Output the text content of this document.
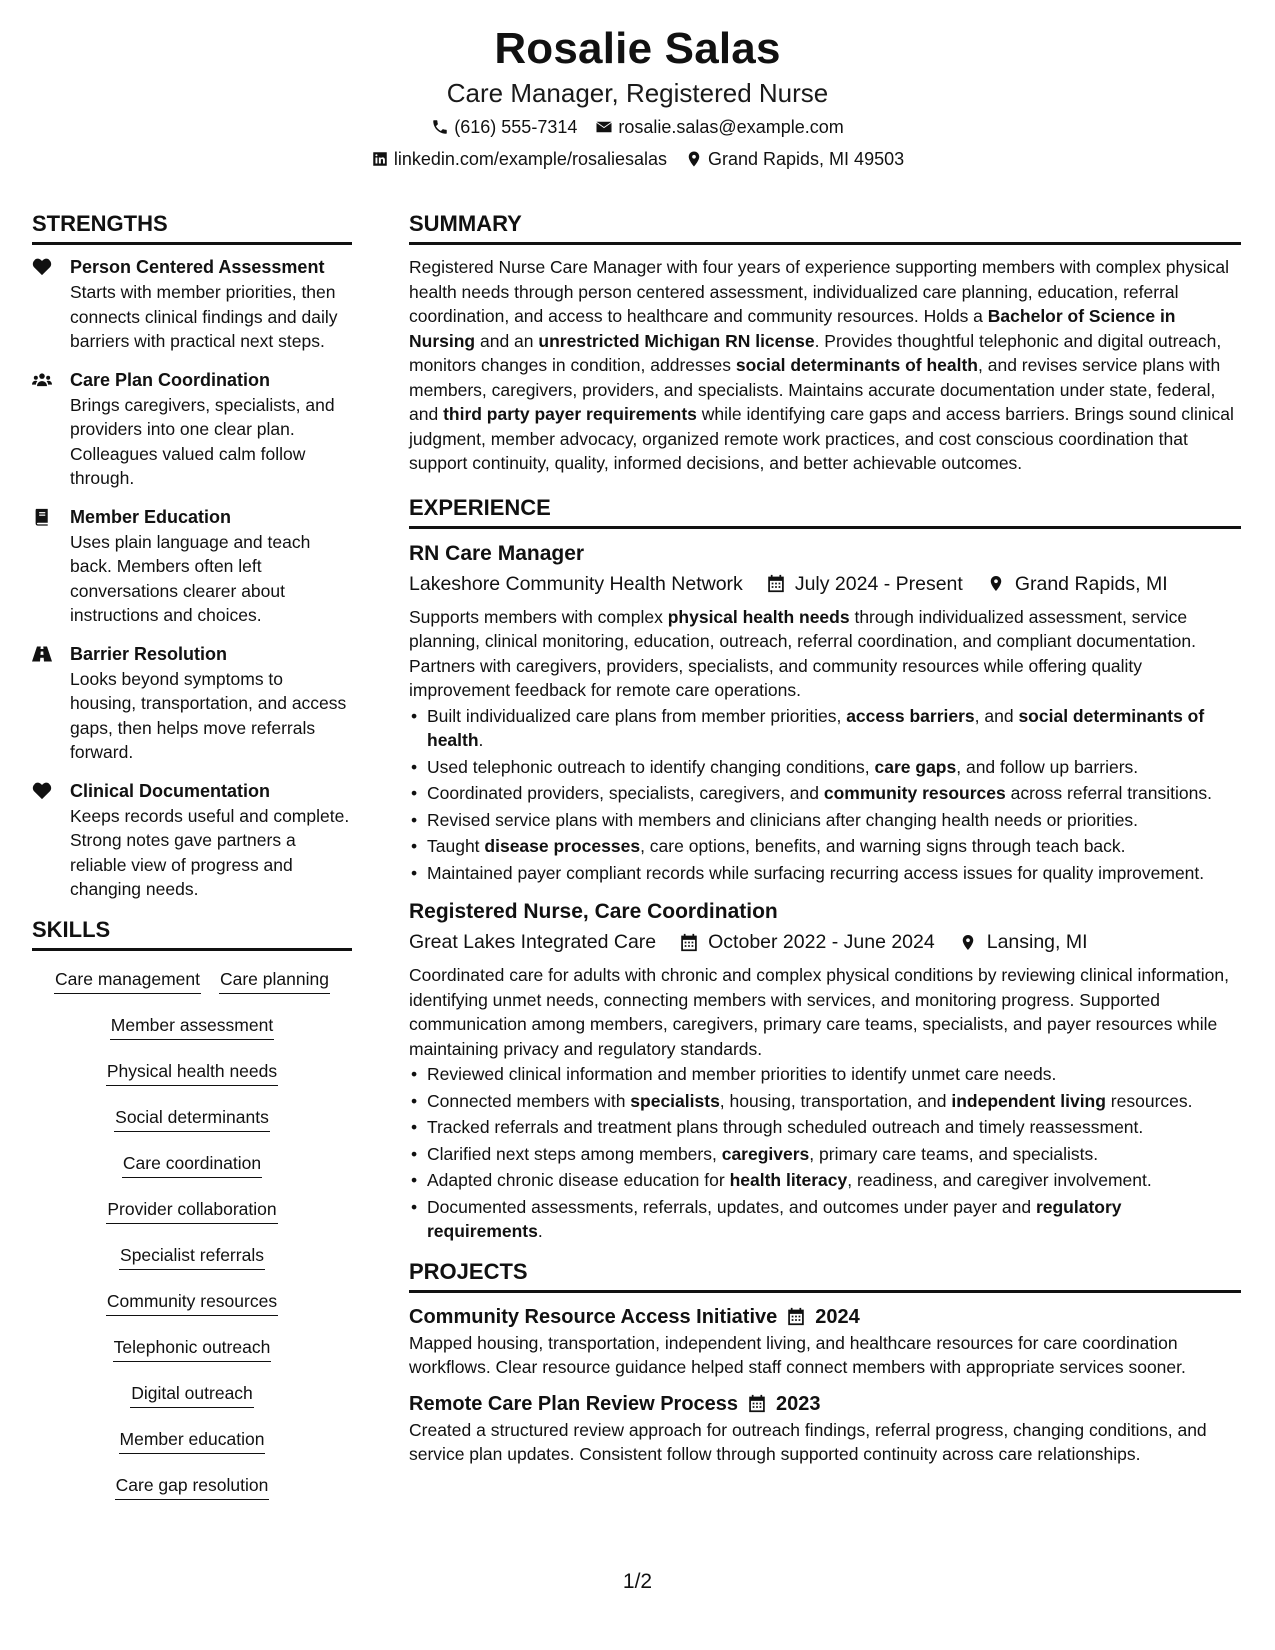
Rosalie Salas
Care Manager, Registered Nurse
(616) 555-7314 rosalie.salas@example.com
linkedin.com/example/rosaliesalas Grand Rapids, MI 49503
STRENGTHS
Person Centered Assessment
Starts with member priorities, then connects clinical findings and daily barriers with practical next steps.
Care Plan Coordination
Brings caregivers, specialists, and providers into one clear plan. Colleagues valued calm follow through.
Member Education
Uses plain language and teach back. Members often left conversations clearer about instructions and choices.
Barrier Resolution
Looks beyond symptoms to housing, transportation, and access gaps, then helps move referrals forward.
Clinical Documentation
Keeps records useful and complete. Strong notes gave partners a reliable view of progress and changing needs.
SKILLS
Care management Care planning
Member assessment
Physical health needs
Social determinants
Care coordination
Provider collaboration
Specialist referrals
Community resources
Telephonic outreach
Digital outreach
Member education
Care gap resolution
SUMMARY

Registered Nurse Care Manager with four years of experience supporting members with complex physical health needs through person centered assessment, individualized care planning, education, referral coordination, and access to healthcare and community resources. Holds a Bachelor of Science in Nursing and an unrestricted Michigan RN license. Provides thoughtful telephonic and digital outreach, monitors changes in condition, addresses social determinants of health, and revises service plans with members, caregivers, providers, and specialists. Maintains accurate documentation under state, federal, and third party payer requirements while identifying care gaps and access barriers. Brings sound clinical judgment, member advocacy, organized remote work practices, and cost conscious coordination that support continuity, quality, informed decisions, and better achievable outcomes.

EXPERIENCE
RN Care Manager
Lakeshore Community Health Network	July 2024 - Present	Grand Rapids, MI

Supports members with complex physical health needs through individualized assessment, service planning, clinical monitoring, education, outreach, referral coordination, and compliant documentation. Partners with caregivers, providers, specialists, and community resources while offering quality improvement feedback for remote care operations.

• Built individualized care plans from member priorities, access barriers, and social determinants of health.
• Used telephonic outreach to identify changing conditions, care gaps, and follow up barriers.
• Coordinated providers, specialists, caregivers, and community resources across referral transitions.
• Revised service plans with members and clinicians after changing health needs or priorities.
• Taught disease processes, care options, benefits, and warning signs through teach back.
• Maintained payer compliant records while surfacing recurring access issues for quality improvement.
Registered Nurse, Care Coordination
Great Lakes Integrated Care	October 2022 - June 2024	Lansing, MI

Coordinated care for adults with chronic and complex physical conditions by reviewing clinical information, identifying unmet needs, connecting members with services, and monitoring progress. Supported communication among members, caregivers, primary care teams, specialists, and payer resources while maintaining privacy and regulatory standards.

• Reviewed clinical information and member priorities to identify unmet care needs.
• Connected members with specialists, housing, transportation, and independent living resources.
• Tracked referrals and treatment plans through scheduled outreach and timely reassessment.
• Clarified next steps among members, caregivers, primary care teams, and specialists.
• Adapted chronic disease education for health literacy, readiness, and caregiver involvement.
• Documented assessments, referrals, updates, and outcomes under payer and regulatory requirements.
PROJECTS
Community Resource Access Initiative 2024

Mapped housing, transportation, independent living, and healthcare resources for care coordination workflows. Clear resource guidance helped staff connect members with appropriate services sooner.

Remote Care Plan Review Process 2023

Created a structured review approach for outreach findings, referral progress, changing conditions, and service plan updates. Consistent follow through supported continuity across care relationships.

1/2
